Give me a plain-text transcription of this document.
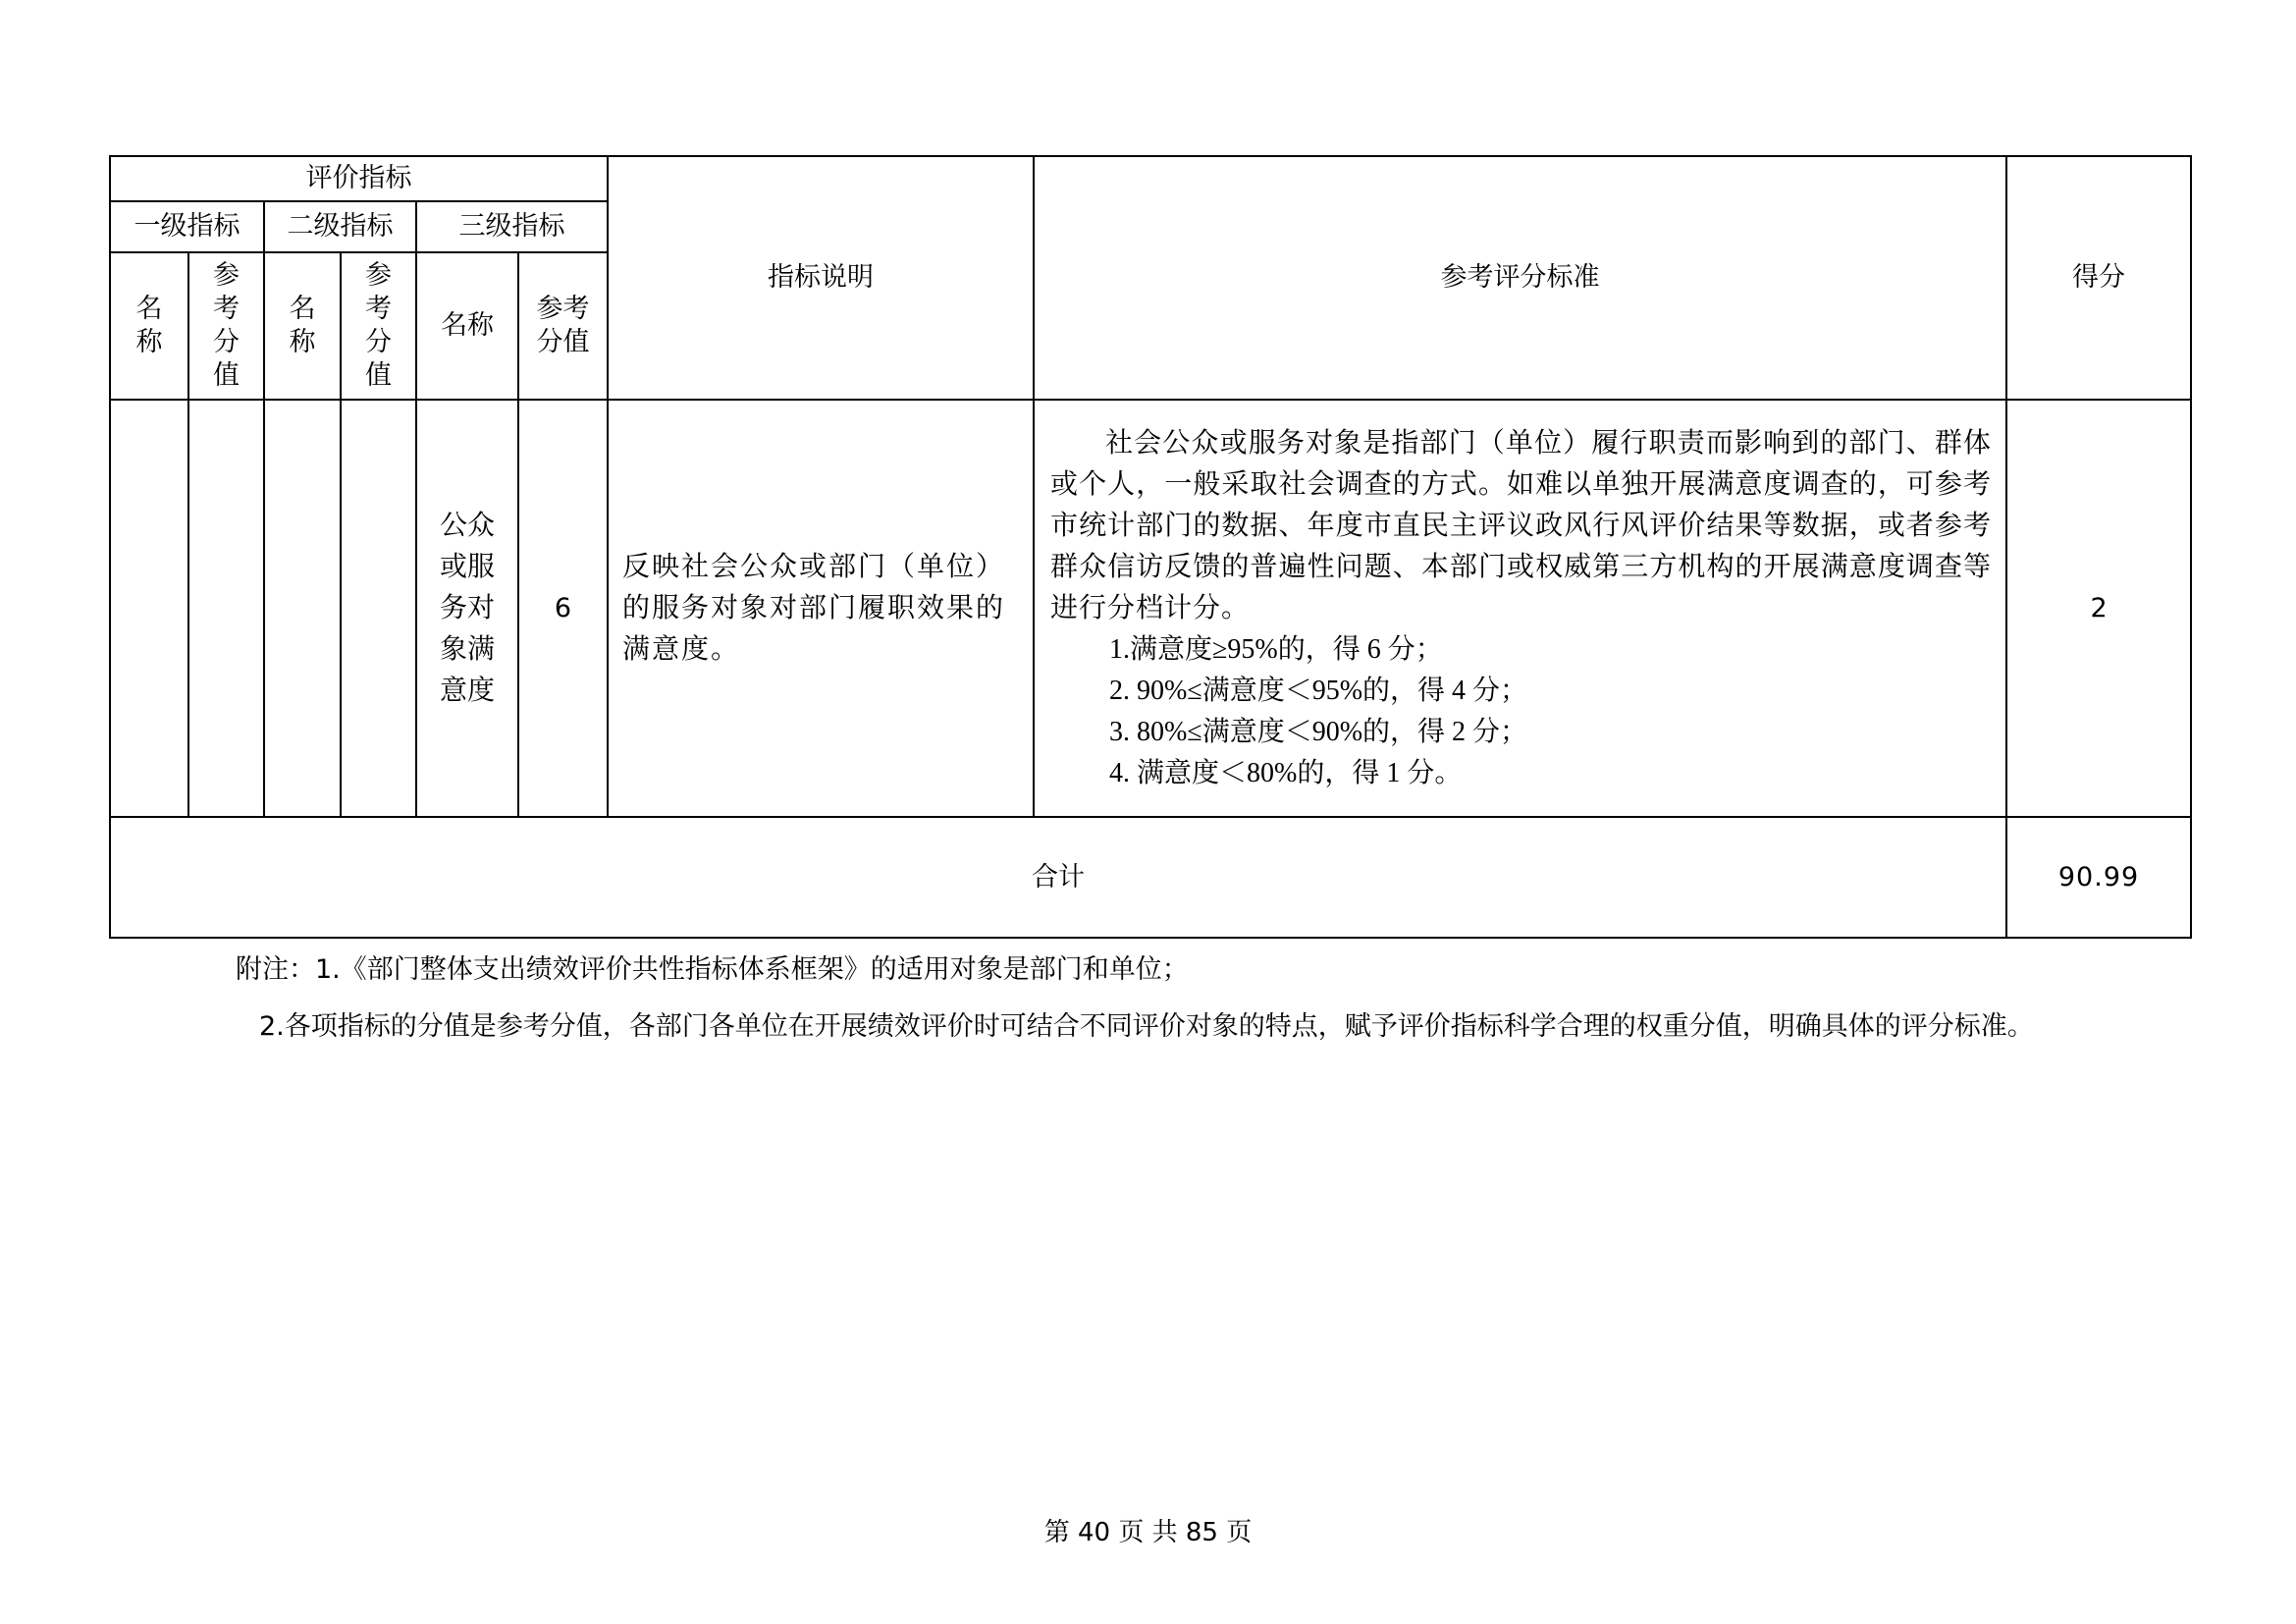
评价指标						指标说明	参考评分标准	得分
一级指标		二级指标		三级指标				
名称	参考分值	名称	参考分值	名称	参考分值			
				公众或服务对象满意度	6	反映社会公众或部门（单位）的服务对象对部门履职效果的满意度。	社会公众或服务对象是指部门（单位）履行职责而影响到的部门、群体或个人，一般采取社会调查的方式。如难以单独开展满意度调查的，可参考市统计部门的数据、年度市直民主评议政风行风评价结果等数据，或者参考群众信访反馈的普遍性问题、本部门或权威第三方机构的开展满意度调查等进行分档计分。

1.满意度≥95%的，得 6 分；

2. 90%≤满意度＜95%的，得 4 分；

3. 80%≤满意度＜90%的，得 2 分；

4. 满意度＜80%的，得 1 分。	2
合计								90.99

附注：1.《部门整体支出绩效评价共性指标体系框架》的适用对象是部门和单位；

2.各项指标的分值是参考分值，各部门各单位在开展绩效评价时可结合不同评价对象的特点，赋予评价指标科学合理的权重分值，明确具体的评分标准。

第 40 页 共 85 页
